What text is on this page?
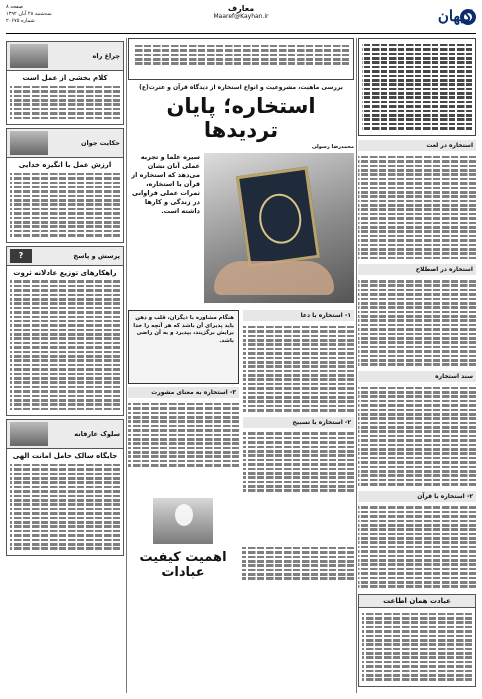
کیهان
معارف
Maaref@Kayhan.ir
صفحه ۸
سه‌شنبه ۲۸ آبان ۱۳۹۲
شماره ۲۰۶۷۵
استخاره در لغت
استخاره در اصطلاح
سند استخاره
۲- استخاره با قرآن
عبادت همان اطاعت
بررسی ماهیت، مشروعیت و انواع استخاره از دیدگاه قرآن و عترت(ع)
استخاره؛ پایان تردیدها
محمدرضا رسولی
سیره علما و تجربه عملی آنان نشان می‌دهد که استخاره از قرآن یا استخاره، ثمرات عملی فراوانی در زندگی و کارها داشته است.
۱- استخاره با دعا
۲- استخاره با تسبیح
هنگام مشاوره با دیگران، قلب و ذهن باید پذیرای آن باشد که هر آنچه را خدا برایش برگزیند، بپذیرد و به آن راضی باشد.
۳- استخاره به معنای مشورت
اهمیت کیفیت عبادات
چراغ راه
کلام بخشی از عمل است
حکایت جوان
ارزش عمل با انگیزه خدایی
پرسش و پاسخ
?
راهکارهای توزیع عادلانه ثروت
سلوک عارفانه
جایگاه سالک حامل امانت الهی
